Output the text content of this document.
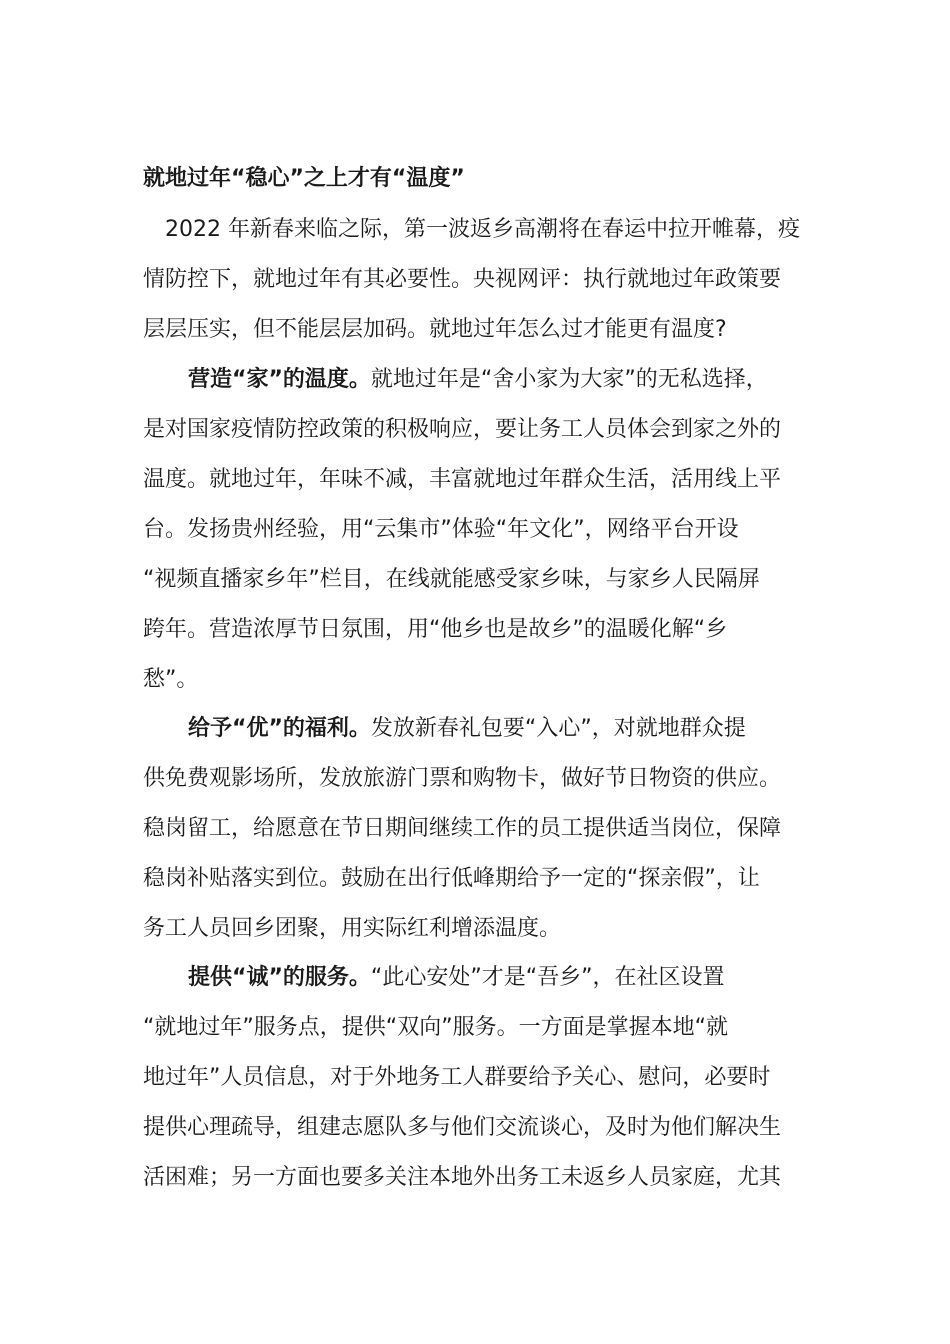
就地过年“稳心”之上才有“温度”

2022 年新春来临之际，第一波返乡高潮将在春运中拉开帷幕，疫

情防控下，就地过年有其必要性。央视网评：执行就地过年政策要

层层压实，但不能层层加码。就地过年怎么过才能更有温度?

营造“家”的温度。就地过年是“舍小家为大家”的无私选择，

是对国家疫情防控政策的积极响应，要让务工人员体会到家之外的

温度。就地过年，年味不减，丰富就地过年群众生活，活用线上平

台。发扬贵州经验，用“云集市”体验“年文化”，网络平台开设

“视频直播家乡年”栏目，在线就能感受家乡味，与家乡人民隔屏

跨年。营造浓厚节日氛围，用“他乡也是故乡”的温暖化解“乡

愁”。

给予“优”的福利。发放新春礼包要“入心”，对就地群众提

供免费观影场所，发放旅游门票和购物卡，做好节日物资的供应。

稳岗留工，给愿意在节日期间继续工作的员工提供适当岗位，保障

稳岗补贴落实到位。鼓励在出行低峰期给予一定的“探亲假”，让

务工人员回乡团聚，用实际红利增添温度。

提供“诚”的服务。“此心安处”才是“吾乡”，在社区设置

“就地过年”服务点，提供“双向”服务。一方面是掌握本地“就

地过年”人员信息，对于外地务工人群要给予关心、慰问，必要时

提供心理疏导，组建志愿队多与他们交流谈心，及时为他们解决生

活困难；另一方面也要多关注本地外出务工未返乡人员家庭，尤其
